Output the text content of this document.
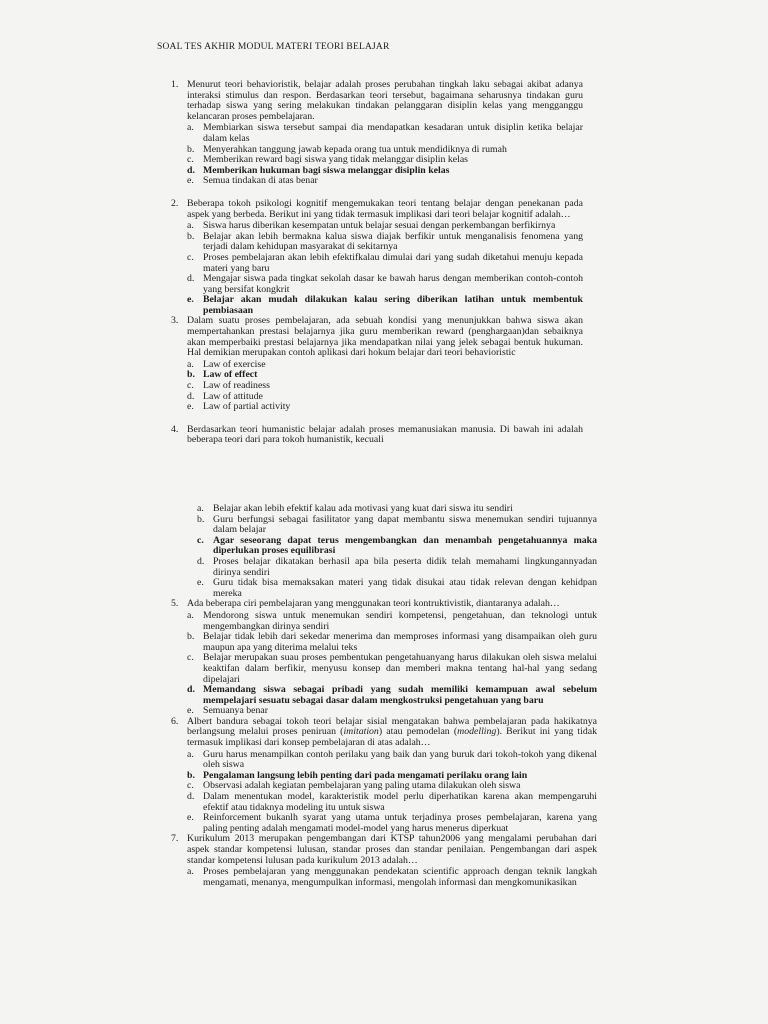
SOAL TES AKHIR MODUL MATERI TEORI BELAJAR
1. Menurut teori behavioristik, belajar adalah proses perubahan tingkah laku sebagai akibat adanya interaksi stimulus dan respon. Berdasarkan teori tersebut, bagaimana seharusnya tindakan guru terhadap siswa yang sering melakukan tindakan pelanggaran disiplin kelas yang mengganggu kelancaran proses pembelajaran.
a. Membiarkan siswa tersebut sampai dia mendapatkan kesadaran untuk disiplin ketika belajar dalam kelas
b. Menyerahkan tanggung jawab kepada orang tua untuk mendidiknya di rumah
c. Memberikan reward bagi siswa yang tidak melanggar disiplin kelas
d. Memberikan hukuman bagi siswa melanggar disiplin kelas
e. Semua tindakan di atas benar
2. Beberapa tokoh psikologi kognitif mengemukakan teori tentang belajar dengan penekanan pada aspek yang berbeda. Berikut ini yang tidak termasuk implikasi dari teori belajar kognitif adalah…
a. Siswa harus diberikan kesempatan untuk belajar sesuai dengan perkembangan berfikirnya
b. Belajar akan lebih bermakna kalua siswa diajak berfikir untuk menganalisis fenomena yang terjadi dalam kehidupan masyarakat di sekitarnya
c. Proses pembelajaran akan lebih efektifkalau dimulai dari yang sudah diketahui menuju kepada materi yang baru
d. Mengajar siswa pada tingkat sekolah dasar ke bawah harus dengan memberikan contoh-contoh yang bersifat kongkrit
e. Belajar akan mudah dilakukan kalau sering diberikan latihan untuk membentuk pembiasaan
3. Dalam suatu proses pembelajaran, ada sebuah kondisi yang menunjukkan bahwa siswa akan mempertahankan prestasi belajarnya jika guru memberikan reward (penghargaan)dan sebaiknya akan memperbaiki prestasi belajarnya jika mendapatkan nilai yang jelek sebagai bentuk hukuman. Hal demikian merupakan contoh aplikasi dari hokum belajar dari teori behavioristic
a. Law of exercise
b. Law of effect
c. Law of readiness
d. Law of attitude
e. Law of partial activity
4. Berdasarkan teori humanistic belajar adalah proses memanusiakan manusia. Di bawah ini adalah beberapa teori dari para tokoh humanistik, kecuali
a. Belajar akan lebih efektif kalau ada motivasi yang kuat dari siswa itu sendiri
b. Guru berfungsi sebagai fasilitator yang dapat membantu siswa menemukan sendiri tujuannya dalam belajar
c. Agar seseorang dapat terus mengembangkan dan menambah pengetahuannya maka diperlukan proses equilibrasi
d. Proses belajar dikatakan berhasil apa bila peserta didik telah memahami lingkungannyadan dirinya sendiri
e. Guru tidak bisa memaksakan materi yang tidak disukai atau tidak relevan dengan kehidpan mereka
5. Ada beberapa ciri pembelajaran yang menggunakan teori kontruktivistik, diantaranya adalah…
a. Mendorong siswa untuk menemukan sendiri kompetensi, pengetahuan, dan teknologi untuk mengembangkan dirinya sendiri
b. Belajar tidak lebih dari sekedar menerima dan memproses informasi yang disampaikan oleh guru maupun apa yang diterima melalui teks
c. Belajar merupakan suau proses pembentukan pengetahuanyang harus dilakukan oleh siswa melalui keaktifan dalam berfikir, menyusu konsep dan memberi makna tentang hal-hal yang sedang dipelajari
d. Memandang siswa sebagai pribadi yang sudah memiliki kemampuan awal sebelum mempelajari sesuatu sebagai dasar dalam mengkostruksi pengetahuan yang baru
e. Semuanya benar
6. Albert bandura sebagai tokoh teori belajar sisial mengatakan bahwa pembelajaran pada hakikatnya berlangsung melalui proses peniruan (imitation) atau pemodelan (modelling). Berikut ini yang tidak termasuk implikasi dari konsep pembelajaran di atas adalah…
a. Guru harus menampilkan contoh perilaku yang baik dan yang buruk dari tokoh-tokoh yang dikenal oleh siswa
b. Pengalaman langsung lebih penting dari pada mengamati perilaku orang lain
c. Observasi adalah kegiatan pembelajaran yang paling utama dilakukan oleh siswa
d. Dalam menentukan model, karakteristik model perlu diperhatikan karena akan mempengaruhi efektif atau tidaknya modeling itu untuk siswa
e. Reinforcement bukanlh syarat yang utama untuk terjadinya proses pembelajaran, karena yang paling penting adalah mengamati model-model yang harus menerus diperkuat
7. Kurikulum 2013 merupakan pengembangan dari KTSP tahun2006 yang mengalami perubahan dari aspek standar kompetensi lulusan, standar proses dan standar penilaian. Pengembangan dari aspek standar kompetensi lulusan pada kurikulum 2013 adalah…
a. Proses pembelajaran yang menggunakan pendekatan scientific approach dengan teknik langkah mengamati, menanya, mengumpulkan informasi, mengolah informasi dan mengkomunikasikan
